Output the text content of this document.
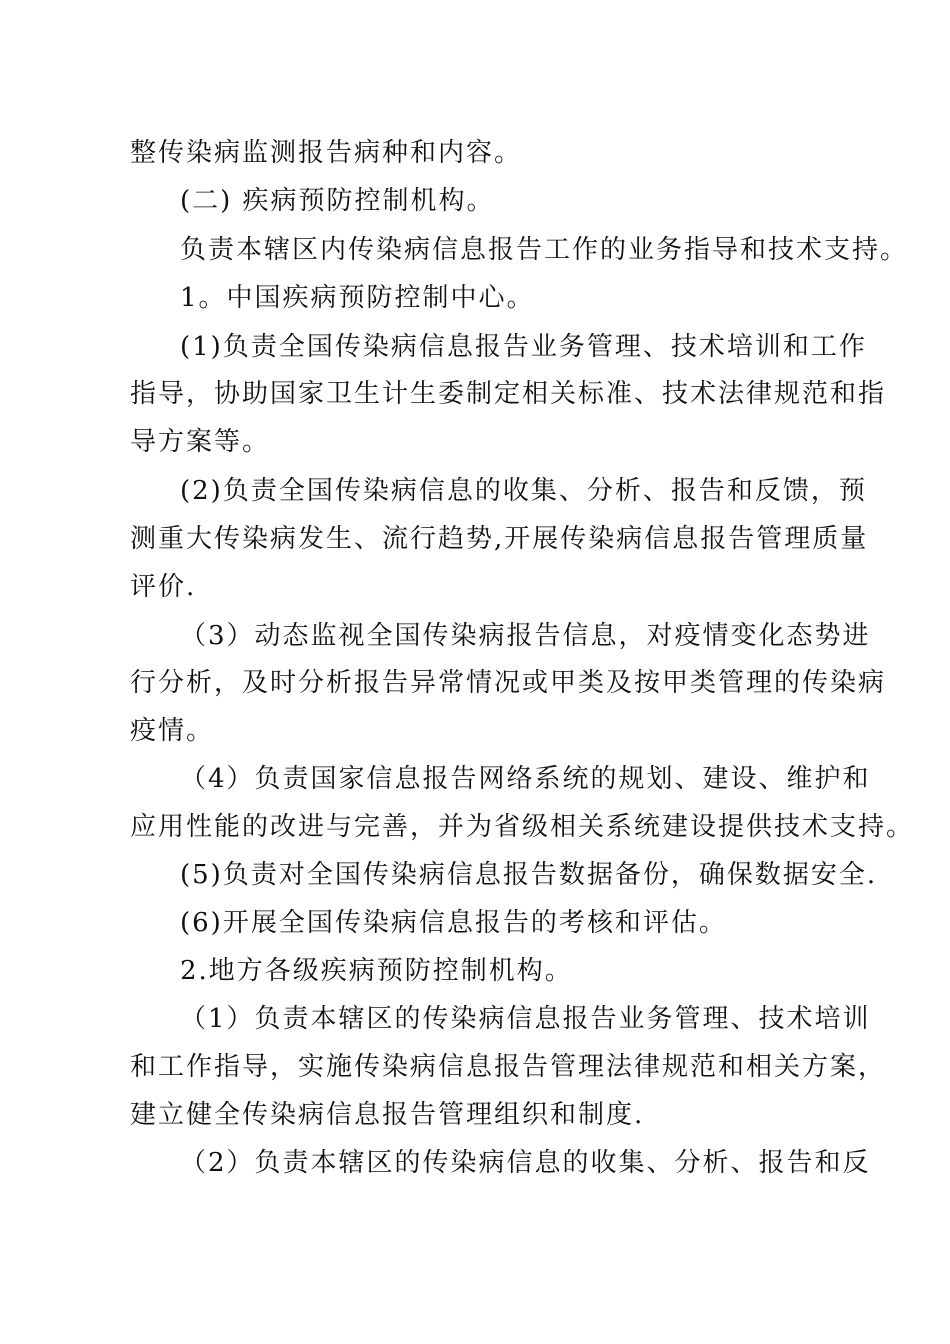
整传染病监测报告病种和内容。
(二) 疾病预防控制机构。
负责本辖区内传染病信息报告工作的业务指导和技术支持。
1。中国疾病预防控制中心。
(1)负责全国传染病信息报告业务管理、技术培训和工作
指导，协助国家卫生计生委制定相关标准、技术法律规范和指
导方案等。
(2)负责全国传染病信息的收集、分析、报告和反馈，预
测重大传染病发生、流行趋势,开展传染病信息报告管理质量
评价.
（3）动态监视全国传染病报告信息，对疫情变化态势进
行分析，及时分析报告异常情况或甲类及按甲类管理的传染病
疫情。
（4）负责国家信息报告网络系统的规划、建设、维护和
应用性能的改进与完善，并为省级相关系统建设提供技术支持。
(5)负责对全国传染病信息报告数据备份，确保数据安全.
(6)开展全国传染病信息报告的考核和评估。
2.地方各级疾病预防控制机构。
（1）负责本辖区的传染病信息报告业务管理、技术培训
和工作指导，实施传染病信息报告管理法律规范和相关方案，
建立健全传染病信息报告管理组织和制度.
（2）负责本辖区的传染病信息的收集、分析、报告和反
